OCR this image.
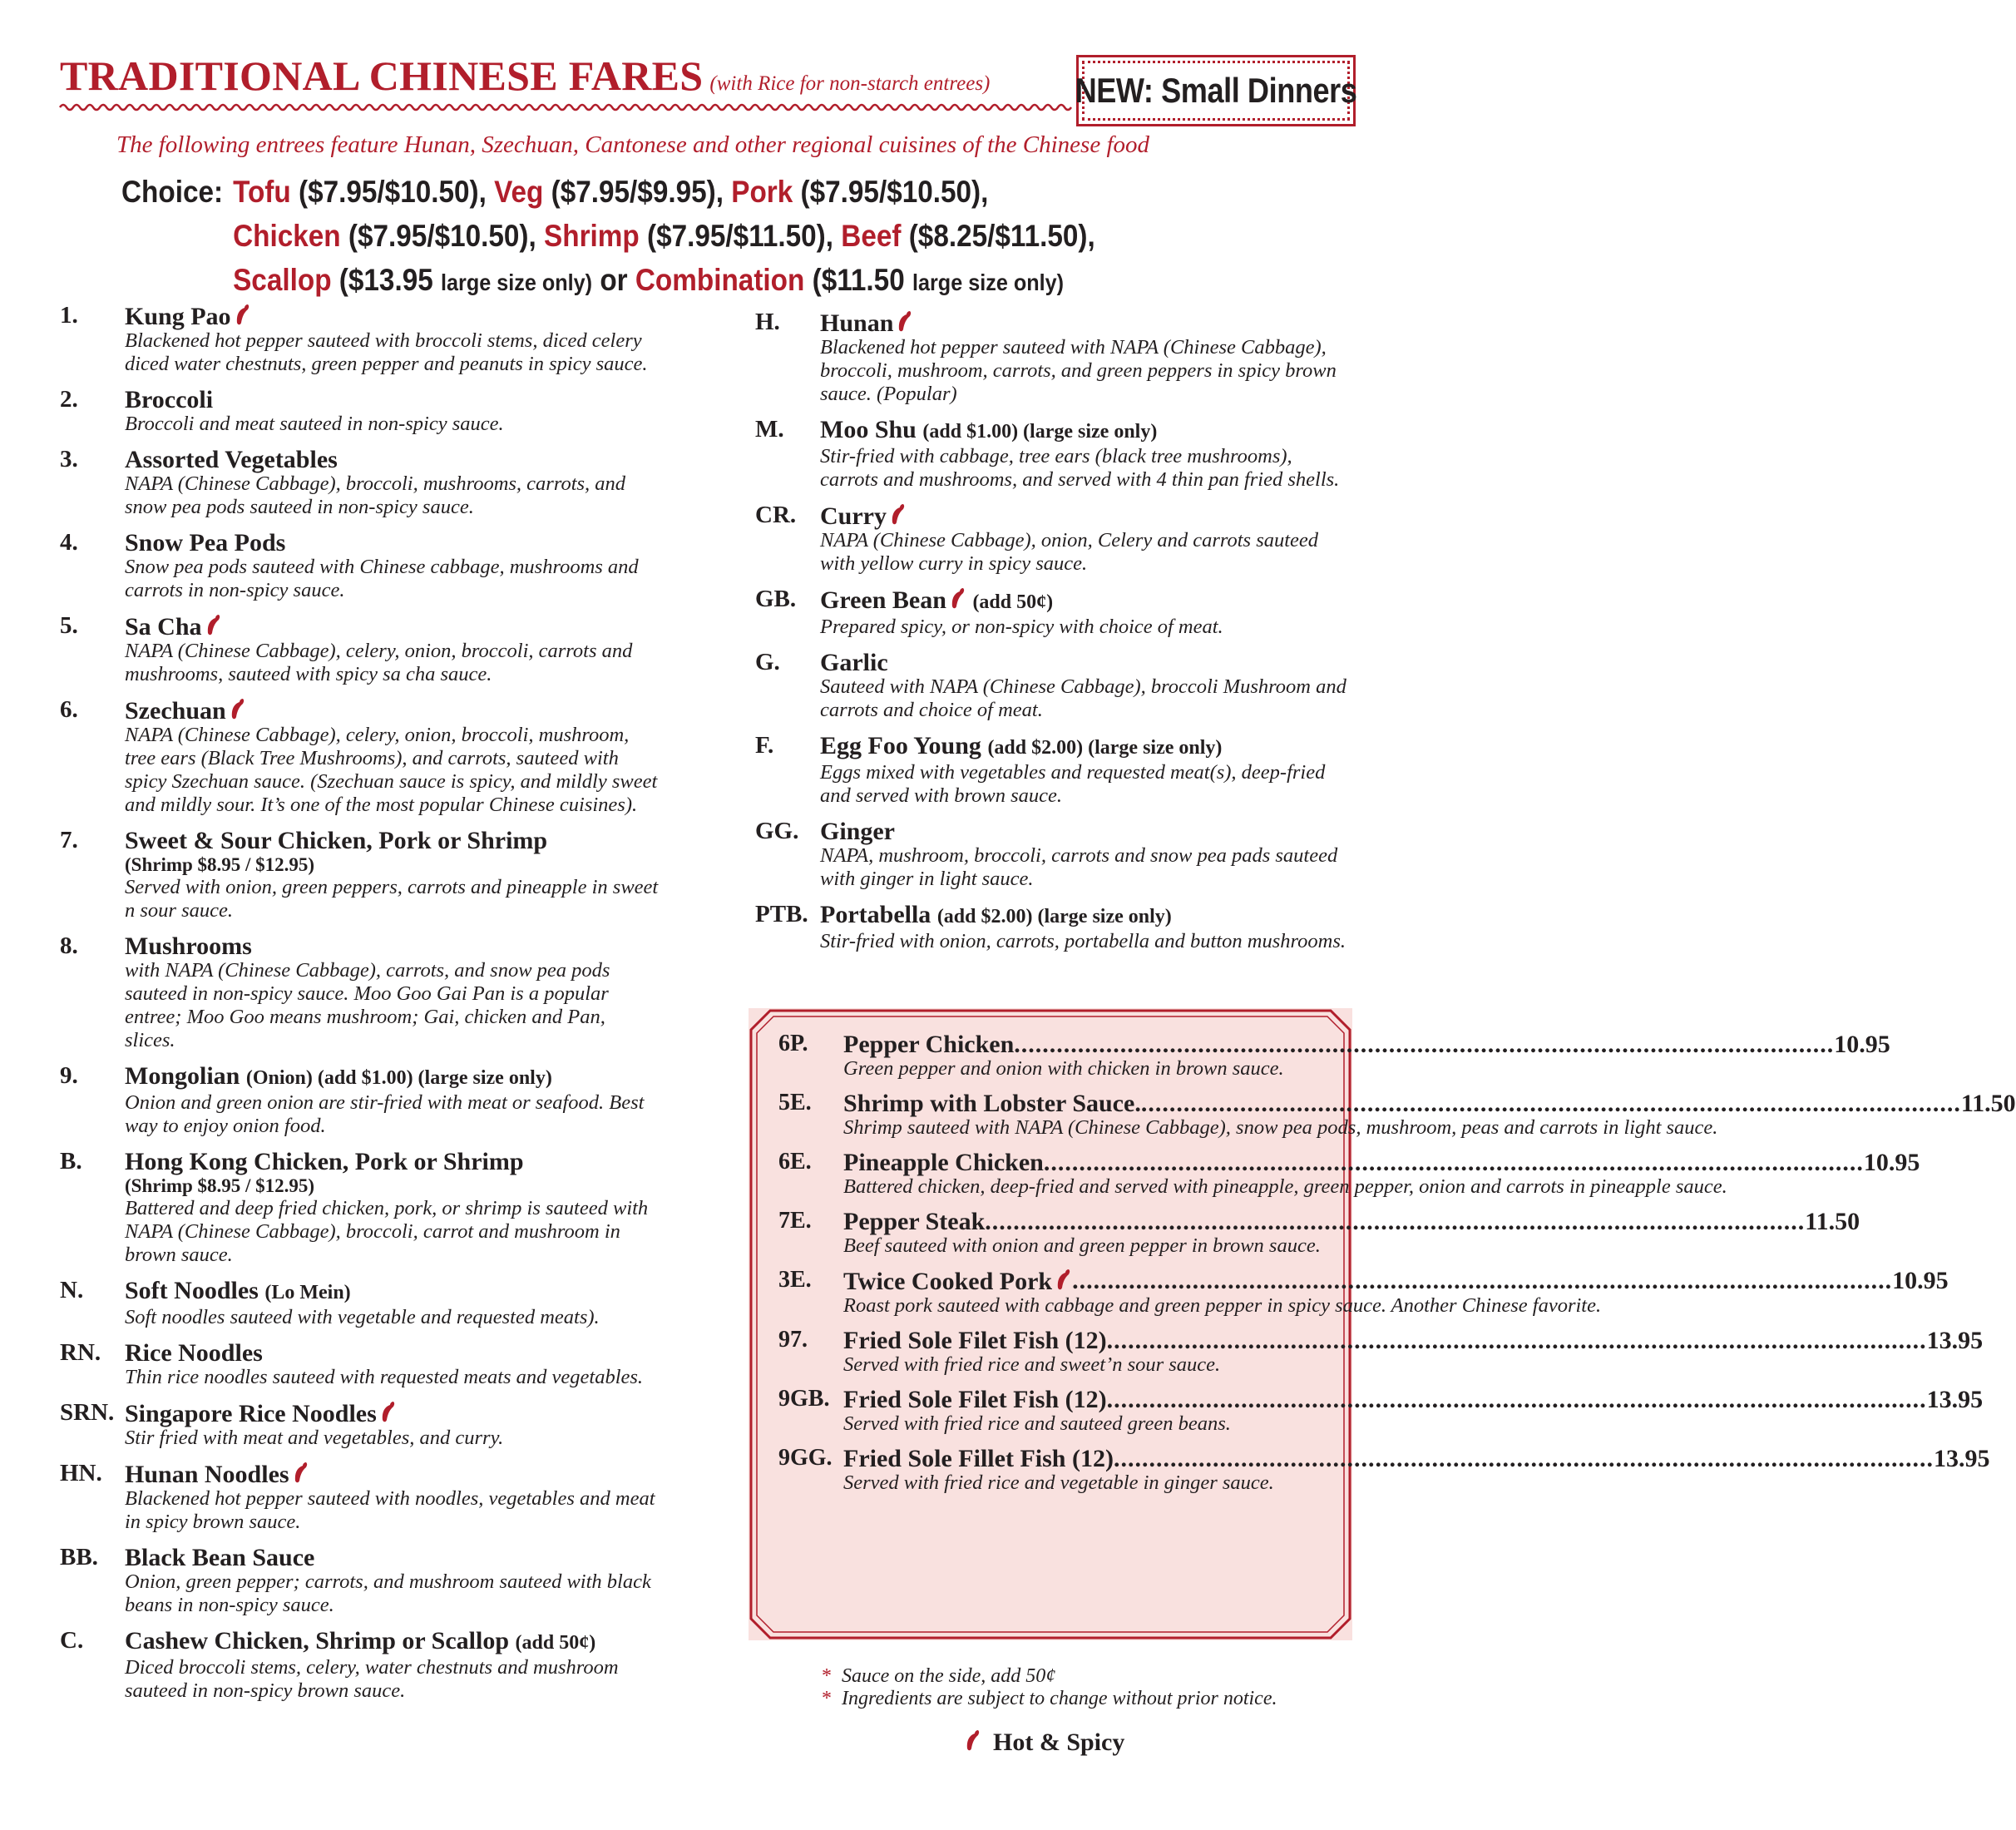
TRADITIONAL CHINESE FARES (with Rice for non-starch entrees)	NEW: Small Dinners
The following entrees feature Hunan, Szechuan, Cantonese and other regional cuisines of the Chinese food
Choice: Tofu ($7.95/$10.50), Veg ($7.95/$9.95), Pork ($7.95/$10.50),
Chicken ($7.95/$10.50), Shrimp ($7.95/$11.50), Beef ($8.25/$11.50),
Scallop ($13.95 large size only) or Combination ($11.50 large size only)
1.	Kung Pao
Blackened hot pepper sauteed with broccoli stems, diced celery diced water chestnuts, green pepper and peanuts in spicy sauce.
2.	Broccoli
Broccoli and meat sauteed in non-spicy sauce.
3.	Assorted Vegetables
NAPA (Chinese Cabbage), broccoli, mushrooms, carrots, and snow pea pods sauteed in non-spicy sauce.
4.	Snow Pea Pods
Snow pea pods sauteed with Chinese cabbage, mushrooms and carrots in non-spicy sauce.
5.	Sa Cha
NAPA (Chinese Cabbage), celery, onion, broccoli, carrots and mushrooms, sauteed with spicy sa cha sauce.
6.	Szechuan
NAPA (Chinese Cabbage), celery, onion, broccoli, mushroom, tree ears (Black Tree Mushrooms), and carrots, sauteed with spicy Szechuan sauce. (Szechuan sauce is spicy, and mildly sweet and mildly sour. It’s one of the most popular Chinese cuisines).
7.	Sweet & Sour Chicken, Pork or Shrimp
(Shrimp $8.95 / $12.95)
Served with onion, green peppers, carrots and pineapple in sweet n sour sauce.
8.	Mushrooms
with NAPA (Chinese Cabbage), carrots, and snow pea pods sauteed in non-spicy sauce. Moo Goo Gai Pan is a popular entree; Moo Goo means mushroom; Gai, chicken and Pan, slices.
9.	Mongolian (Onion) (add $1.00) (large size only)
Onion and green onion are stir-fried with meat or seafood. Best way to enjoy onion food.
B.	Hong Kong Chicken, Pork or Shrimp
(Shrimp $8.95 / $12.95)
Battered and deep fried chicken, pork, or shrimp is sauteed with NAPA (Chinese Cabbage), broccoli, carrot and mushroom in brown sauce.
N.	Soft Noodles (Lo Mein)
Soft noodles sauteed with vegetable and requested meats).
RN. Rice Noodles
Thin rice noodles sauteed with requested meats and vegetables.
SRN. Singapore Rice Noodles
Stir fried with meat and vegetables, and curry.
HN. Hunan Noodles
Blackened hot pepper sauteed with noodles, vegetables and meat in spicy brown sauce.
BB.	Black Bean Sauce
Onion, green pepper; carrots, and mushroom sauteed with black beans in non-spicy sauce.
C.	Cashew Chicken, Shrimp or Scallop (add 50¢)
Diced broccoli stems, celery, water chestnuts and mushroom sauteed in non-spicy brown sauce.
H.	Hunan
Blackened hot pepper sauteed with NAPA (Chinese Cabbage), broccoli, mushroom, carrots, and green peppers in spicy brown sauce. (Popular)
M.	Moo Shu (add $1.00) (large size only)
Stir-fried with cabbage, tree ears (black tree mushrooms), carrots and mushrooms, and served with 4 thin pan fried shells.
CR. Curry
NAPA (Chinese Cabbage), onion, Celery and carrots sauteed with yellow curry in spicy sauce.
GB. Green Bean (add 50¢)
Prepared spicy, or non-spicy with choice of meat.
G.	Garlic
Sauteed with NAPA (Chinese Cabbage), broccoli Mushroom and carrots and choice of meat.
F.	Egg Foo Young (add $2.00) (large size only)
Eggs mixed with vegetables and requested meat(s), deep-fried and served with brown sauce.
GG. Ginger
NAPA, mushroom, broccoli, carrots and snow pea pads sauteed with ginger in light sauce.
PTB. Portabella (add $2.00) (large size only)
Stir-fried with onion, carrots, portabella and button mushrooms.
6P.	Pepper Chicken .....	10.95
Green pepper and onion with chicken in brown sauce.
5E.	Shrimp with Lobster Sauce. .....	11.50
Shrimp sauteed with NAPA (Chinese Cabbage), snow pea pods, mushroom, peas and carrots in light sauce.
6E.	Pineapple Chicken .....	10.95
Battered chicken, deep-fried and served with pineapple, green pepper, onion and carrots in pineapple sauce.
7E.	Pepper Steak .....	11.50
Beef sauteed with onion and green pepper in brown sauce.
3E.	Twice Cooked Pork .....	10.95
Roast pork sauteed with cabbage and green pepper in spicy sauce. Another Chinese favorite.
97.	Fried Sole Filet Fish (12) .....	13.95
Served with fried rice and sweet’n sour sauce.
9GB. Fried Sole Filet Fish (12) .....	13.95
Served with fried rice and sauteed green beans.
9GG. Fried Sole Fillet Fish (12) .....	13.95
Served with fried rice and vegetable in ginger sauce.
* Sauce on the side, add 50¢
* Ingredients are subject to change without prior notice.
Hot & Spicy
